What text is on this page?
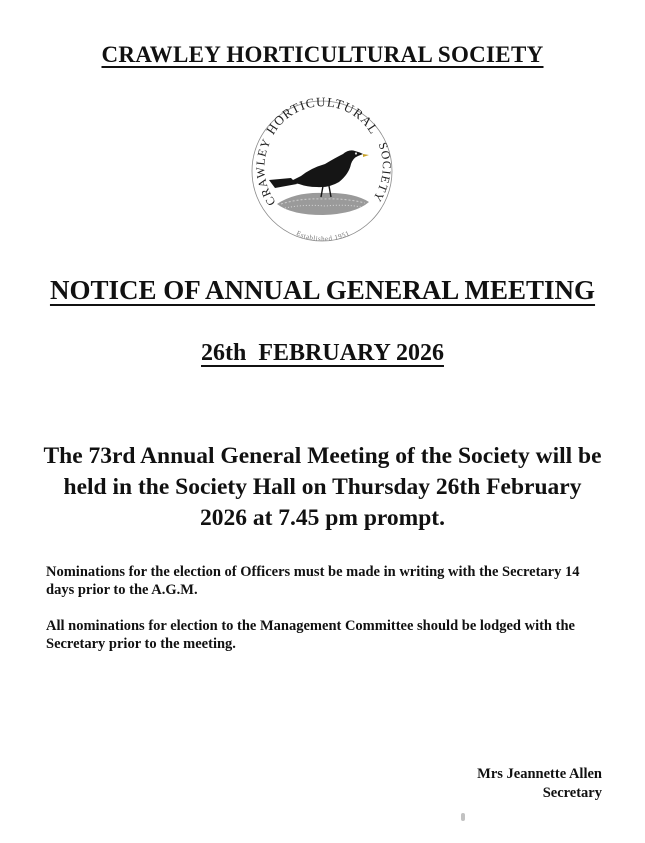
CRAWLEY HORTICULTURAL SOCIETY
HORTICULTURAL
CRAWLEY	SOCIETY
Established 1951
NOTICE OF ANNUAL GENERAL MEETING
26th  FEBRUARY 2026
The 73rd Annual General Meeting of the Society will be held in the Society Hall on Thursday 26th February 2026 at 7.45 pm prompt.
Nominations for the election of Officers must be made in writing with the Secretary 14 days prior to the A.G.M.
All nominations for election to the Management Committee should be lodged with the Secretary prior to the meeting.
Mrs Jeannette Allen
Secretary
